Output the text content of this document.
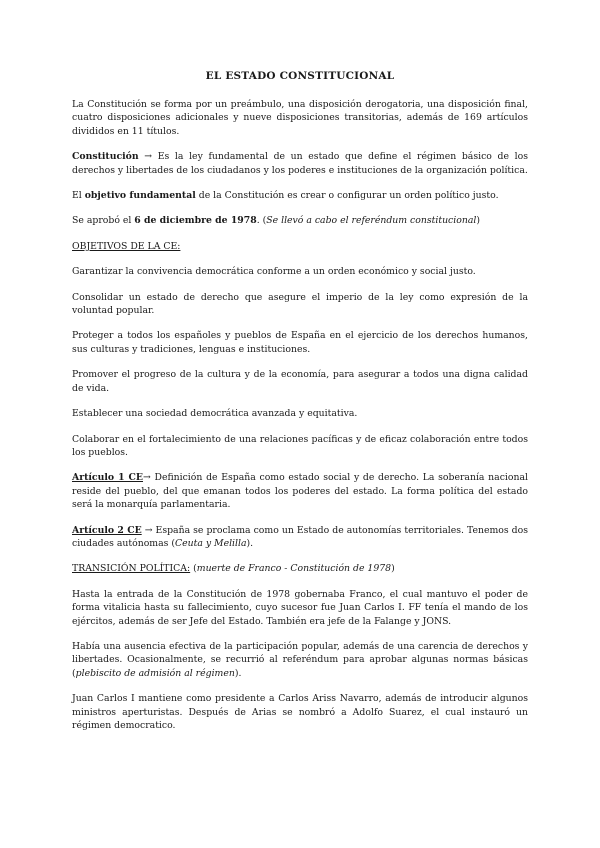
EL ESTADO CONSTITUCIONAL

La Constitución se forma por un preámbulo, una disposición derogatoria, una disposición final, cuatro disposiciones adicionales y nueve disposiciones transitorias, además de 169 artículos divididos en 11 títulos.

Constitución → Es la ley fundamental de un estado que define el régimen básico de los derechos y libertades de los ciudadanos y los poderes e instituciones de la organización política.

El objetivo fundamental de la Constitución es crear o configurar un orden político justo.

Se aprobó el 6 de diciembre de 1978. (Se llevó a cabo el referéndum constitucional)

OBJETIVOS DE LA CE:

Garantizar la convivencia democrática conforme a un orden económico y social justo.

Consolidar un estado de derecho que asegure el imperio de la ley como expresión de la voluntad popular.

Proteger a todos los españoles y pueblos de España en el ejercicio de los derechos humanos, sus culturas y tradiciones, lenguas e instituciones.

Promover el progreso de la cultura y de la economía, para asegurar a todos una digna calidad de vida.

Establecer una sociedad democrática avanzada y equitativa.

Colaborar en el fortalecimiento de una relaciones pacíficas y de eficaz colaboración entre todos los pueblos.

Artículo 1 CE→ Definición de España como estado social y de derecho. La soberanía nacional reside del pueblo, del que emanan todos los poderes del estado. La forma política del estado será la monarquía parlamentaria.

Artículo 2 CE → España se proclama como un Estado de autonomías territoriales. Tenemos dos ciudades autónomas (Ceuta y Melilla).

TRANSICIÓN POLÍTICA: (muerte de Franco - Constitución de 1978)

Hasta la entrada de la Constitución de 1978 gobernaba Franco, el cual mantuvo el poder de forma vitalicia hasta su fallecimiento, cuyo sucesor fue Juan Carlos I. FF tenía el mando de los ejércitos, además de ser Jefe del Estado. También era jefe de la Falange y JONS.

Había una ausencia efectiva de la participación popular, además de una carencia de derechos y libertades. Ocasionalmente, se recurrió al referéndum para aprobar algunas normas básicas (plebiscito de admisión al régimen).

Juan Carlos I mantiene como presidente a Carlos Ariss Navarro, además de introducir algunos ministros aperturistas. Después de Arias se nombró a Adolfo Suarez, el cual instauró un régimen democratico.
